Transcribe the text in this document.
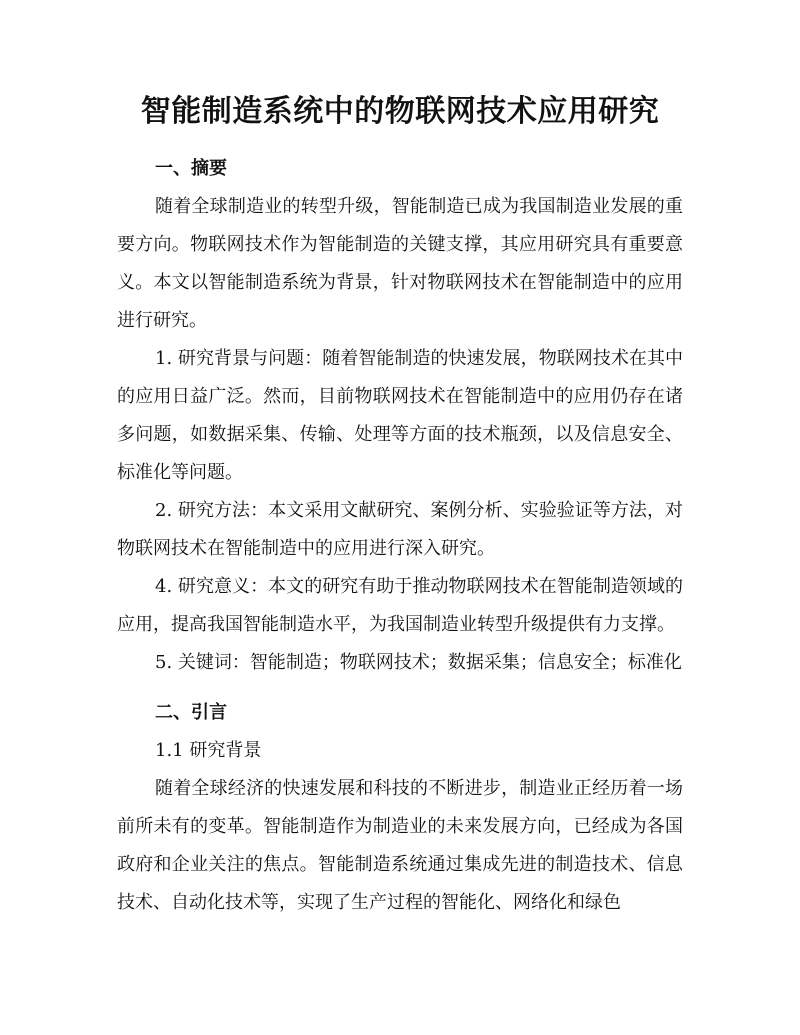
智能制造系统中的物联网技术应用研究
一、摘要

随着全球制造业的转型升级，智能制造已成为我国制造业发展的重要方向。物联网技术作为智能制造的关键支撑，其应用研究具有重要意义。本文以智能制造系统为背景，针对物联网技术在智能制造中的应用进行研究。

1. 研究背景与问题：随着智能制造的快速发展，物联网技术在其中的应用日益广泛。然而，目前物联网技术在智能制造中的应用仍存在诸多问题，如数据采集、传输、处理等方面的技术瓶颈，以及信息安全、标准化等问题。

2. 研究方法：本文采用文献研究、案例分析、实验验证等方法，对物联网技术在智能制造中的应用进行深入研究。

4. 研究意义：本文的研究有助于推动物联网技术在智能制造领域的应用，提高我国智能制造水平，为我国制造业转型升级提供有力支撑。

5. 关键词：智能制造；物联网技术；数据采集；信息安全；标准化

二、引言

1.1 研究背景

随着全球经济的快速发展和科技的不断进步，制造业正经历着一场前所未有的变革。智能制造作为制造业的未来发展方向，已经成为各国政府和企业关注的焦点。智能制造系统通过集成先进的制造技术、信息技术、自动化技术等，实现了生产过程的智能化、网络化和绿色
